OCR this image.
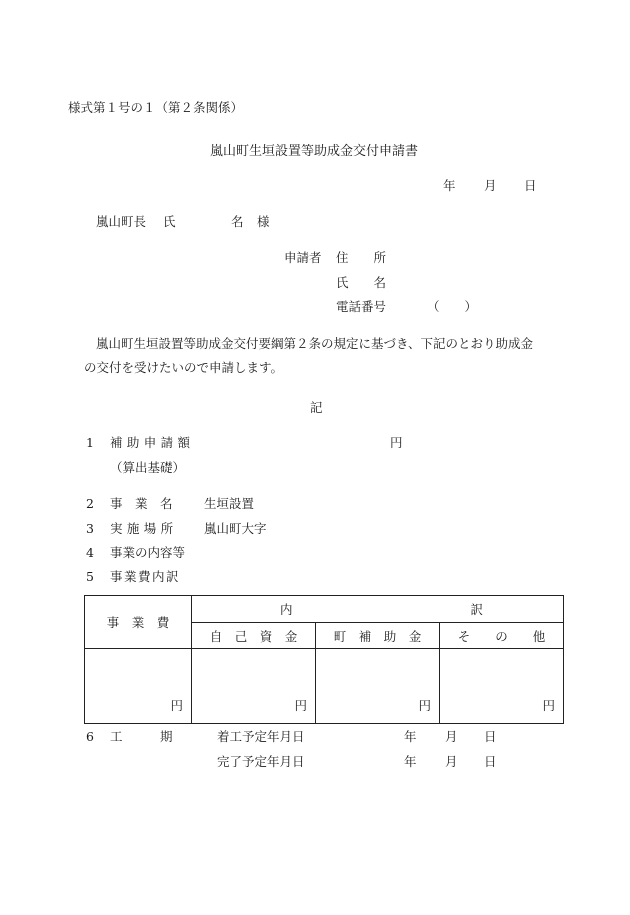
様式第１号の１（第２条関係）
嵐山町生垣設置等助成金交付申請書
年 月 日
嵐山町長 氏	名 様
申請者 住　　所
氏　　名
電話番号	（　　）
嵐山町生垣設置等助成金交付要綱第２条の規定に基づき、下記のとおり助成金
の交付を受けたいので申請します。
記
1 補助申請額	円
（算出基礎）
2 事　業　名	生垣設置
3 実施場所 嵐山町大字
4 事業の内容等
5 事業費内訳
事　業　費	内 訳		

	自　己　資　金	町　補　助　金	そ　　の　　他
円	円	円	円
6 工　　　期	着工予定年月日	年 月 日
完了予定年月日	年 月 日
